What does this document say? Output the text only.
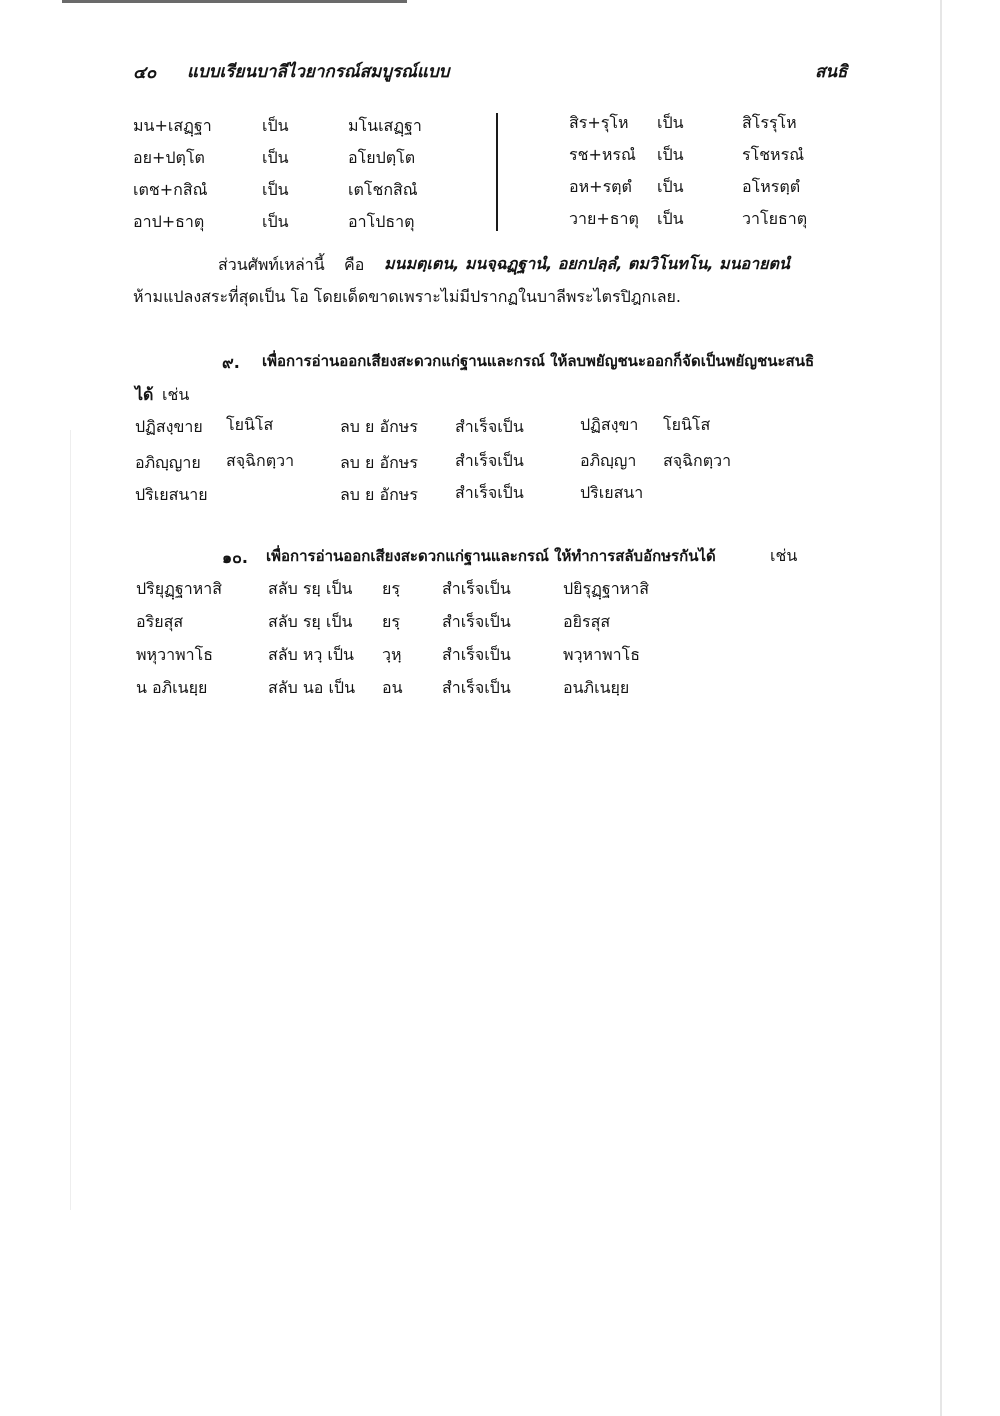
๔๐ แบบเรียนบาลีไวยากรณ์สมบูรณ์แบบ	สนธิ
มน+เสฏฺฐา	เป็น	มโนเสฏฺฐา
อย+ปตฺโต	เป็น	อโยปตฺโต
เตช+กสิณํ	เป็น	เตโชกสิณํ
อาป+ธาตุ	เป็น	อาโปธาตุ
สิร+รุโห เป็น	สิโรรุโห
รช+หรณํ เป็น	รโชหรณํ
อห+รตฺตํ เป็น	อโหรตฺตํ
วาย+ธาตุ เป็น	วาโยธาตุ
ส่วนศัพท์เหล่านี้ คือ มนมตฺเตน, มนจฺฉฏฺฐานํ, อยกปลฺลํ, ตมวิโนทโน, มนอายตนํ
ห้ามแปลงสระที่สุดเป็น โอ โดยเด็ดขาดเพราะไม่มีปรากฏในบาลีพระไตรปิฎกเลย.
๙. เพื่อการอ่านออกเสียงสะดวกแก่ฐานและกรณ์ ให้ลบพยัญชนะออกก็จัดเป็นพยัญชนะสนธิ
ได้ เช่น
ปฏิสงฺขาย โยนิโส	ลบ ย อักษร สำเร็จเป็น	ปฏิสงฺขา โยนิโส
อภิญฺญาย สจฺฉิกตฺวา	ลบ ย อักษร สำเร็จเป็น	อภิญฺญา สจฺฉิกตฺวา
ปริเยสนาย	ลบ ย อักษร สำเร็จเป็น	ปริเยสนา
๑๐. เพื่อการอ่านออกเสียงสะดวกแก่ฐานและกรณ์ ให้ทำการสลับอักษรกันได้	เช่น
ปริยุฏฺฐาหาสิ	สลับ รยฺ เป็น ยรฺ	สำเร็จเป็น	ปยิรุฏฺฐาหาสิ
อริยสุส	สลับ รยฺ เป็น ยรฺ	สำเร็จเป็น	อยิรสุส
พหุวาพาโธ	สลับ หวฺ เป็น วฺหฺ	สำเร็จเป็น	พวฺหาพาโธ
น อภิเนยฺย	สลับ นอ เป็น อน สำเร็จเป็น	อนภิเนยฺย
